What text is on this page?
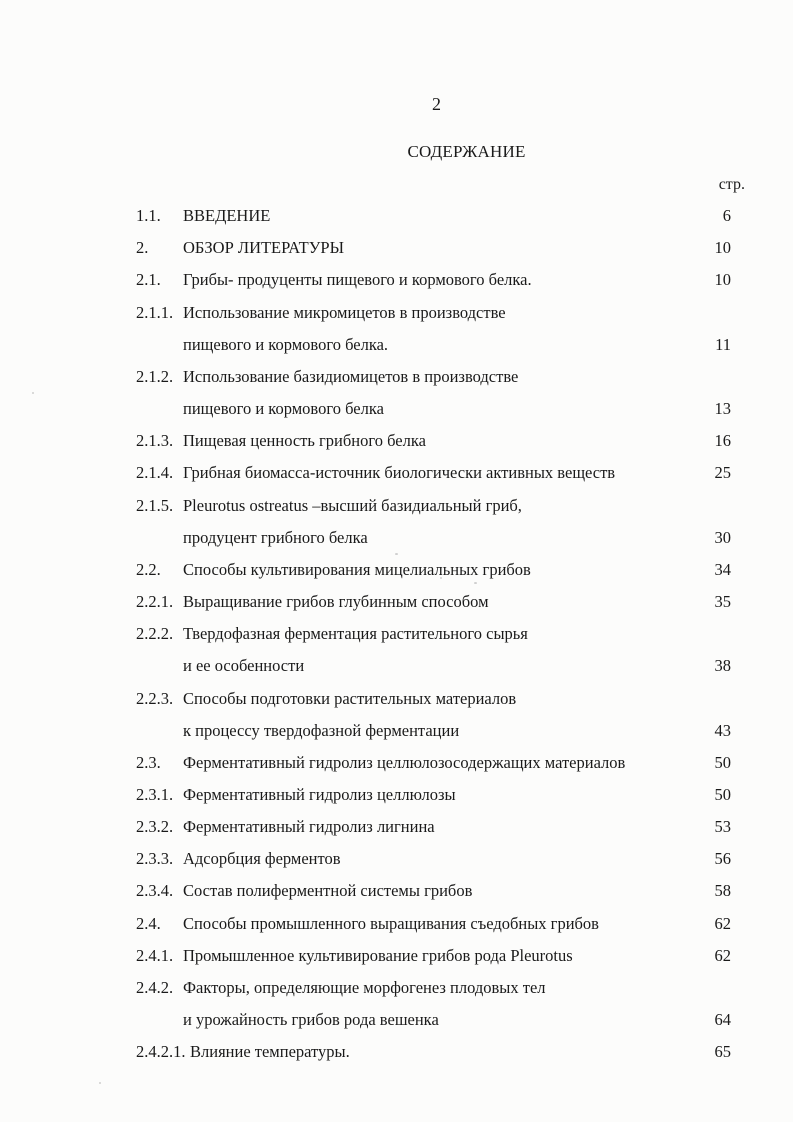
2
СОДЕРЖАНИЕ
стр.
1.1. ВВЕДЕНИЕ	6
2. ОБЗОР ЛИТЕРАТУРЫ	10
2.1. Грибы- продуценты пищевого и кормового белка.	10
2.1.1. Использование микромицетов в производстве
пищевого и кормового белка.	11
2.1.2. Использование базидиомицетов в производстве
пищевого и кормового белка	13
2.1.3. Пищевая ценность грибного белка	16
2.1.4. Грибная биомасса-источник биологически активных веществ	25
2.1.5. Pleurotus ostreatus –высший базидиальный гриб,
продуцент грибного белка	30
2.2. Способы культивирования мицелиальных грибов	34
2.2.1. Выращивание грибов глубинным способом	35
2.2.2. Твердофазная ферментация растительного сырья
и ее особенности	38
2.2.3. Способы подготовки растительных материалов
к процессу твердофазной ферментации	43
2.3. Ферментативный гидролиз целлюлозосодержащих материалов	50
2.3.1. Ферментативный гидролиз целлюлозы	50
2.3.2. Ферментативный гидролиз лигнина	53
2.3.3. Адсорбция ферментов	56
2.3.4. Состав полиферментной системы грибов	58
2.4. Способы промышленного выращивания съедобных грибов	62
2.4.1. Промышленное культивирование грибов рода Pleurotus	62
2.4.2. Факторы, определяющие морфогенез плодовых тел
и урожайность грибов рода вешенка	64
2.4.2.1. Влияние температуры.	65
